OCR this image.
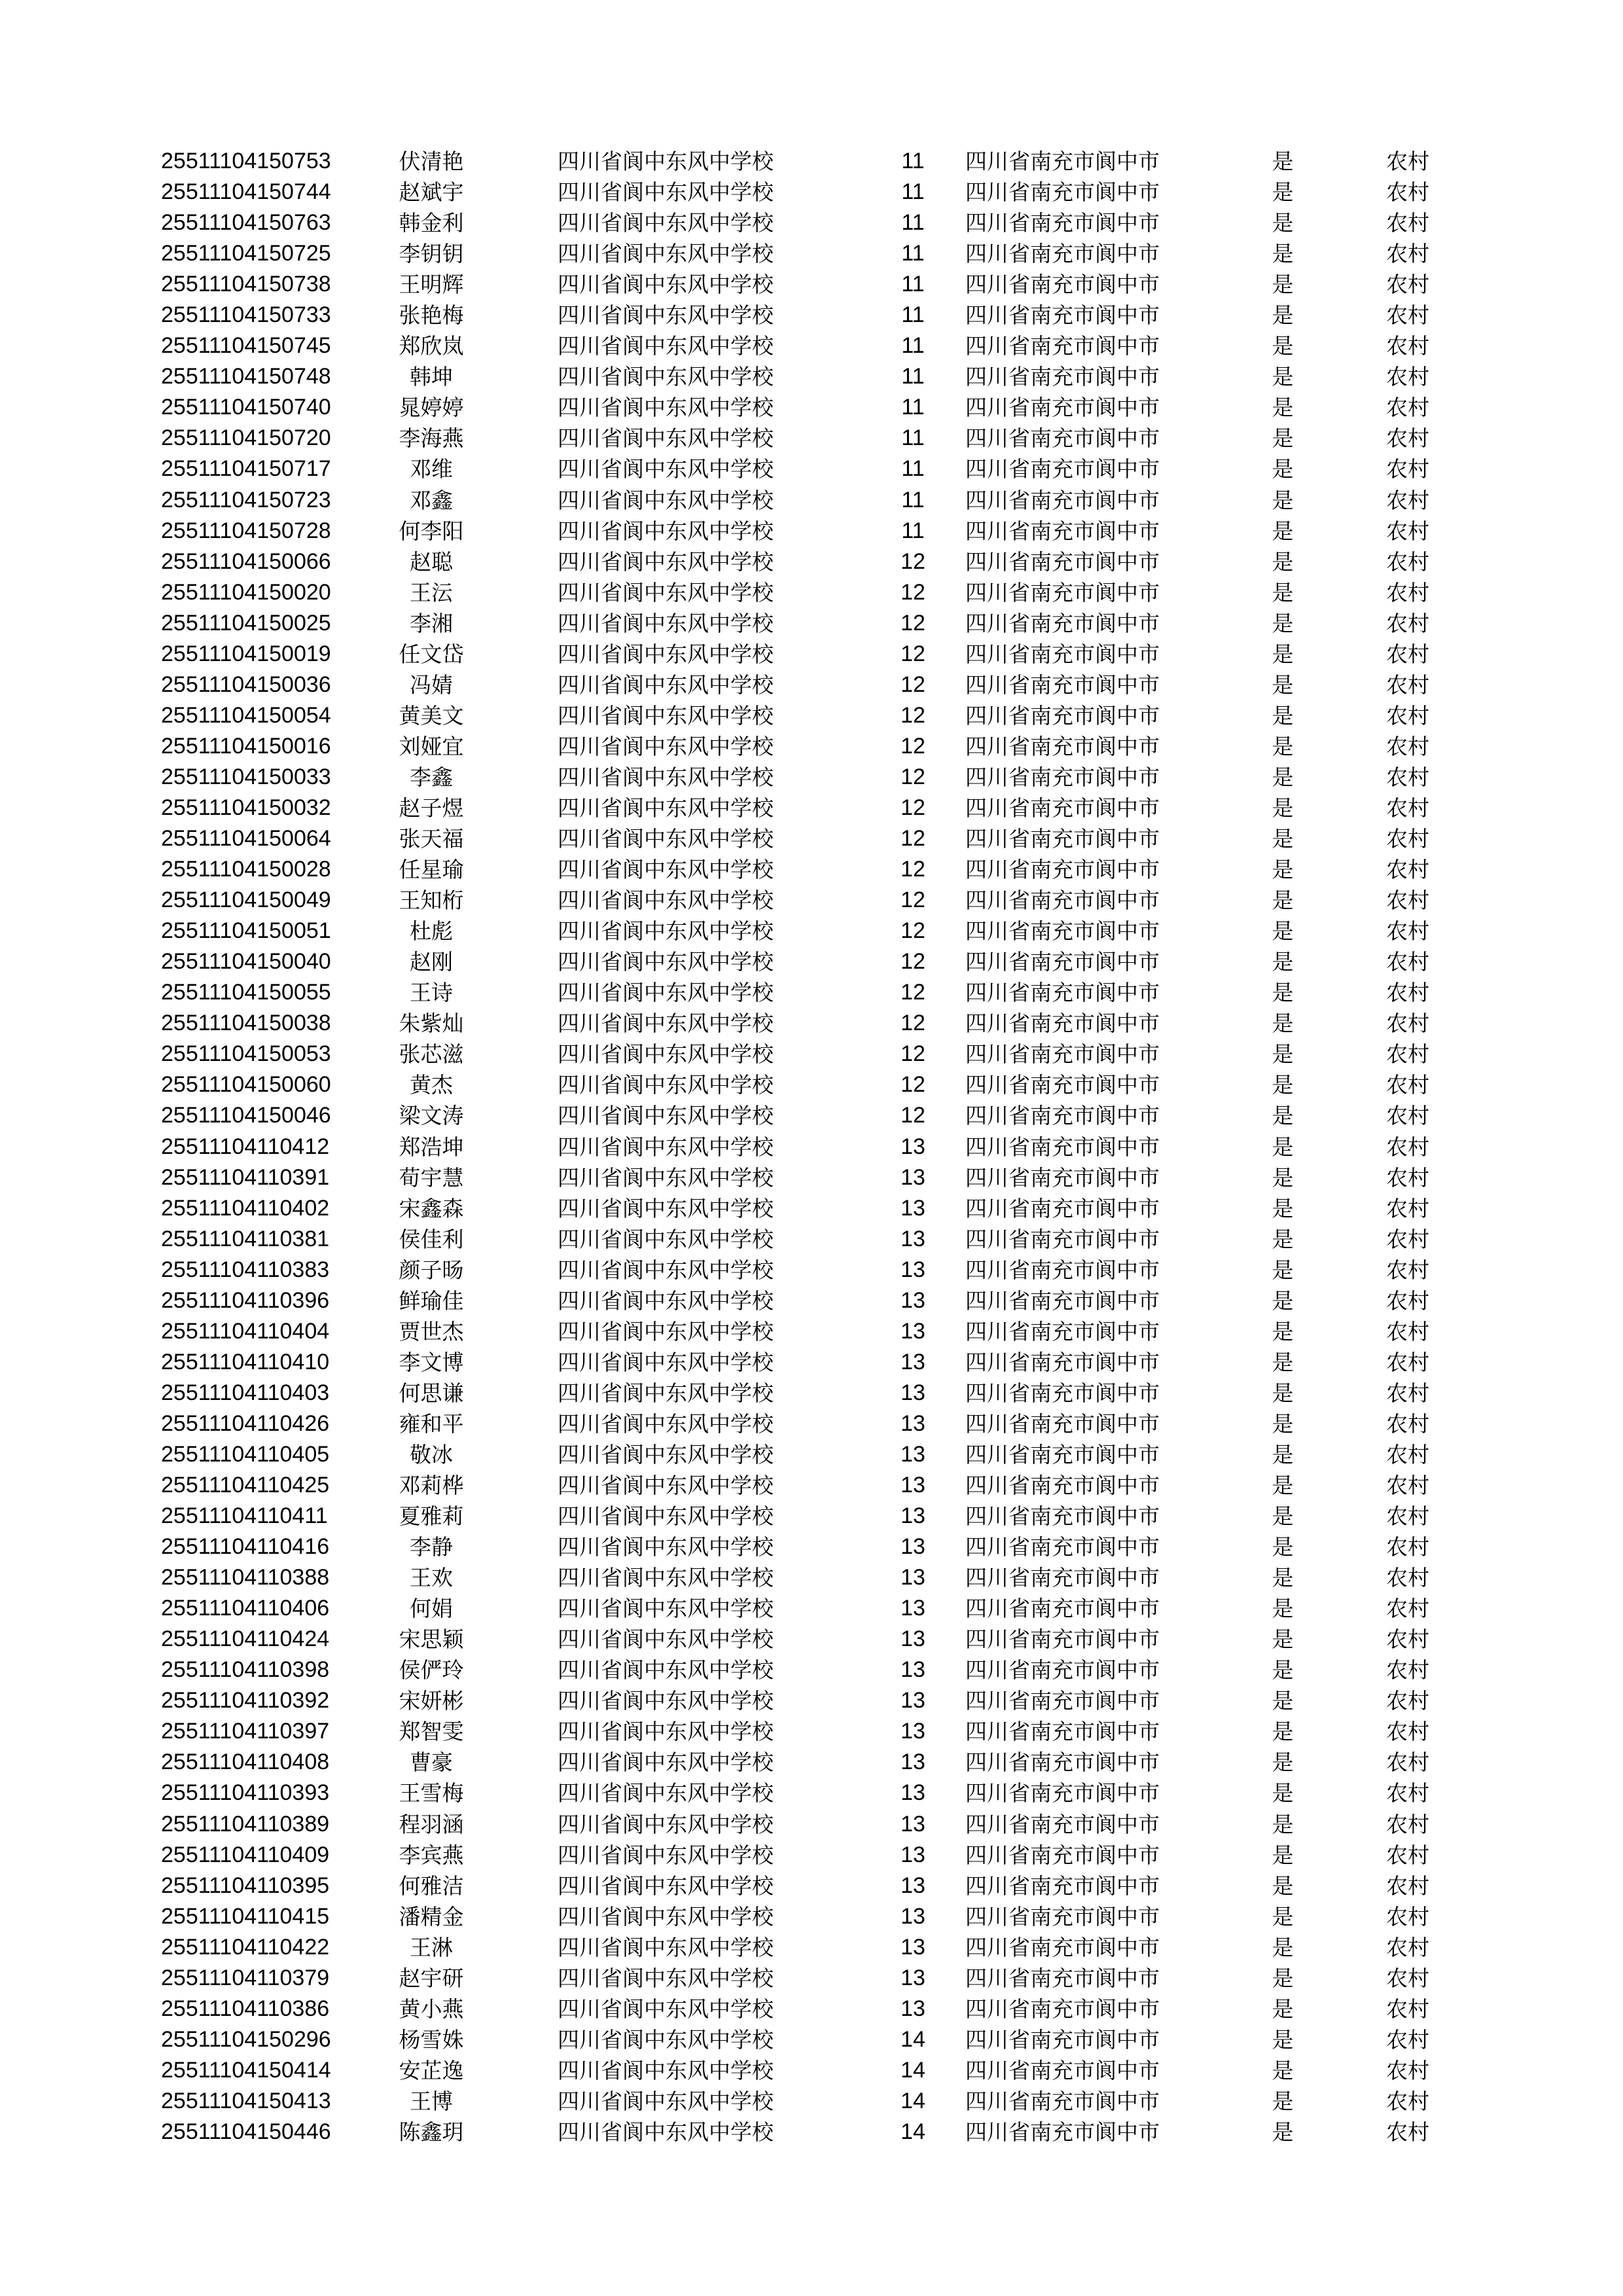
25511104150753	伏清艳	四川省阆中东风中学校	11	四川省南充市阆中市	是	农村
25511104150744	赵斌宇	四川省阆中东风中学校	11	四川省南充市阆中市	是	农村
25511104150763	韩金利	四川省阆中东风中学校	11	四川省南充市阆中市	是	农村
25511104150725	李钥钥	四川省阆中东风中学校	11	四川省南充市阆中市	是	农村
25511104150738	王明辉	四川省阆中东风中学校	11	四川省南充市阆中市	是	农村
25511104150733	张艳梅	四川省阆中东风中学校	11	四川省南充市阆中市	是	农村
25511104150745	郑欣岚	四川省阆中东风中学校	11	四川省南充市阆中市	是	农村
25511104150748	韩坤	四川省阆中东风中学校	11	四川省南充市阆中市	是	农村
25511104150740	晁婷婷	四川省阆中东风中学校	11	四川省南充市阆中市	是	农村
25511104150720	李海燕	四川省阆中东风中学校	11	四川省南充市阆中市	是	农村
25511104150717	邓维	四川省阆中东风中学校	11	四川省南充市阆中市	是	农村
25511104150723	邓鑫	四川省阆中东风中学校	11	四川省南充市阆中市	是	农村
25511104150728	何李阳	四川省阆中东风中学校	11	四川省南充市阆中市	是	农村
25511104150066	赵聪	四川省阆中东风中学校	12	四川省南充市阆中市	是	农村
25511104150020	王沄	四川省阆中东风中学校	12	四川省南充市阆中市	是	农村
25511104150025	李湘	四川省阆中东风中学校	12	四川省南充市阆中市	是	农村
25511104150019	任文岱	四川省阆中东风中学校	12	四川省南充市阆中市	是	农村
25511104150036	冯婧	四川省阆中东风中学校	12	四川省南充市阆中市	是	农村
25511104150054	黄美文	四川省阆中东风中学校	12	四川省南充市阆中市	是	农村
25511104150016	刘娅宜	四川省阆中东风中学校	12	四川省南充市阆中市	是	农村
25511104150033	李鑫	四川省阆中东风中学校	12	四川省南充市阆中市	是	农村
25511104150032	赵子煜	四川省阆中东风中学校	12	四川省南充市阆中市	是	农村
25511104150064	张天福	四川省阆中东风中学校	12	四川省南充市阆中市	是	农村
25511104150028	任星瑜	四川省阆中东风中学校	12	四川省南充市阆中市	是	农村
25511104150049	王知桁	四川省阆中东风中学校	12	四川省南充市阆中市	是	农村
25511104150051	杜彪	四川省阆中东风中学校	12	四川省南充市阆中市	是	农村
25511104150040	赵刚	四川省阆中东风中学校	12	四川省南充市阆中市	是	农村
25511104150055	王诗	四川省阆中东风中学校	12	四川省南充市阆中市	是	农村
25511104150038	朱紫灿	四川省阆中东风中学校	12	四川省南充市阆中市	是	农村
25511104150053	张芯滋	四川省阆中东风中学校	12	四川省南充市阆中市	是	农村
25511104150060	黄杰	四川省阆中东风中学校	12	四川省南充市阆中市	是	农村
25511104150046	梁文涛	四川省阆中东风中学校	12	四川省南充市阆中市	是	农村
25511104110412	郑浩坤	四川省阆中东风中学校	13	四川省南充市阆中市	是	农村
25511104110391	荀宇慧	四川省阆中东风中学校	13	四川省南充市阆中市	是	农村
25511104110402	宋鑫森	四川省阆中东风中学校	13	四川省南充市阆中市	是	农村
25511104110381	侯佳利	四川省阆中东风中学校	13	四川省南充市阆中市	是	农村
25511104110383	颜子旸	四川省阆中东风中学校	13	四川省南充市阆中市	是	农村
25511104110396	鲜瑜佳	四川省阆中东风中学校	13	四川省南充市阆中市	是	农村
25511104110404	贾世杰	四川省阆中东风中学校	13	四川省南充市阆中市	是	农村
25511104110410	李文博	四川省阆中东风中学校	13	四川省南充市阆中市	是	农村
25511104110403	何思谦	四川省阆中东风中学校	13	四川省南充市阆中市	是	农村
25511104110426	雍和平	四川省阆中东风中学校	13	四川省南充市阆中市	是	农村
25511104110405	敬冰	四川省阆中东风中学校	13	四川省南充市阆中市	是	农村
25511104110425	邓莉桦	四川省阆中东风中学校	13	四川省南充市阆中市	是	农村
25511104110411	夏雅莉	四川省阆中东风中学校	13	四川省南充市阆中市	是	农村
25511104110416	李静	四川省阆中东风中学校	13	四川省南充市阆中市	是	农村
25511104110388	王欢	四川省阆中东风中学校	13	四川省南充市阆中市	是	农村
25511104110406	何娟	四川省阆中东风中学校	13	四川省南充市阆中市	是	农村
25511104110424	宋思颖	四川省阆中东风中学校	13	四川省南充市阆中市	是	农村
25511104110398	侯俨玲	四川省阆中东风中学校	13	四川省南充市阆中市	是	农村
25511104110392	宋妍彬	四川省阆中东风中学校	13	四川省南充市阆中市	是	农村
25511104110397	郑智雯	四川省阆中东风中学校	13	四川省南充市阆中市	是	农村
25511104110408	曹豪	四川省阆中东风中学校	13	四川省南充市阆中市	是	农村
25511104110393	王雪梅	四川省阆中东风中学校	13	四川省南充市阆中市	是	农村
25511104110389	程羽涵	四川省阆中东风中学校	13	四川省南充市阆中市	是	农村
25511104110409	李宾燕	四川省阆中东风中学校	13	四川省南充市阆中市	是	农村
25511104110395	何雅洁	四川省阆中东风中学校	13	四川省南充市阆中市	是	农村
25511104110415	潘精金	四川省阆中东风中学校	13	四川省南充市阆中市	是	农村
25511104110422	王淋	四川省阆中东风中学校	13	四川省南充市阆中市	是	农村
25511104110379	赵宇研	四川省阆中东风中学校	13	四川省南充市阆中市	是	农村
25511104110386	黄小燕	四川省阆中东风中学校	13	四川省南充市阆中市	是	农村
25511104150296	杨雪姝	四川省阆中东风中学校	14	四川省南充市阆中市	是	农村
25511104150414	安芷逸	四川省阆中东风中学校	14	四川省南充市阆中市	是	农村
25511104150413	王博	四川省阆中东风中学校	14	四川省南充市阆中市	是	农村
25511104150446	陈鑫玥	四川省阆中东风中学校	14	四川省南充市阆中市	是	农村
